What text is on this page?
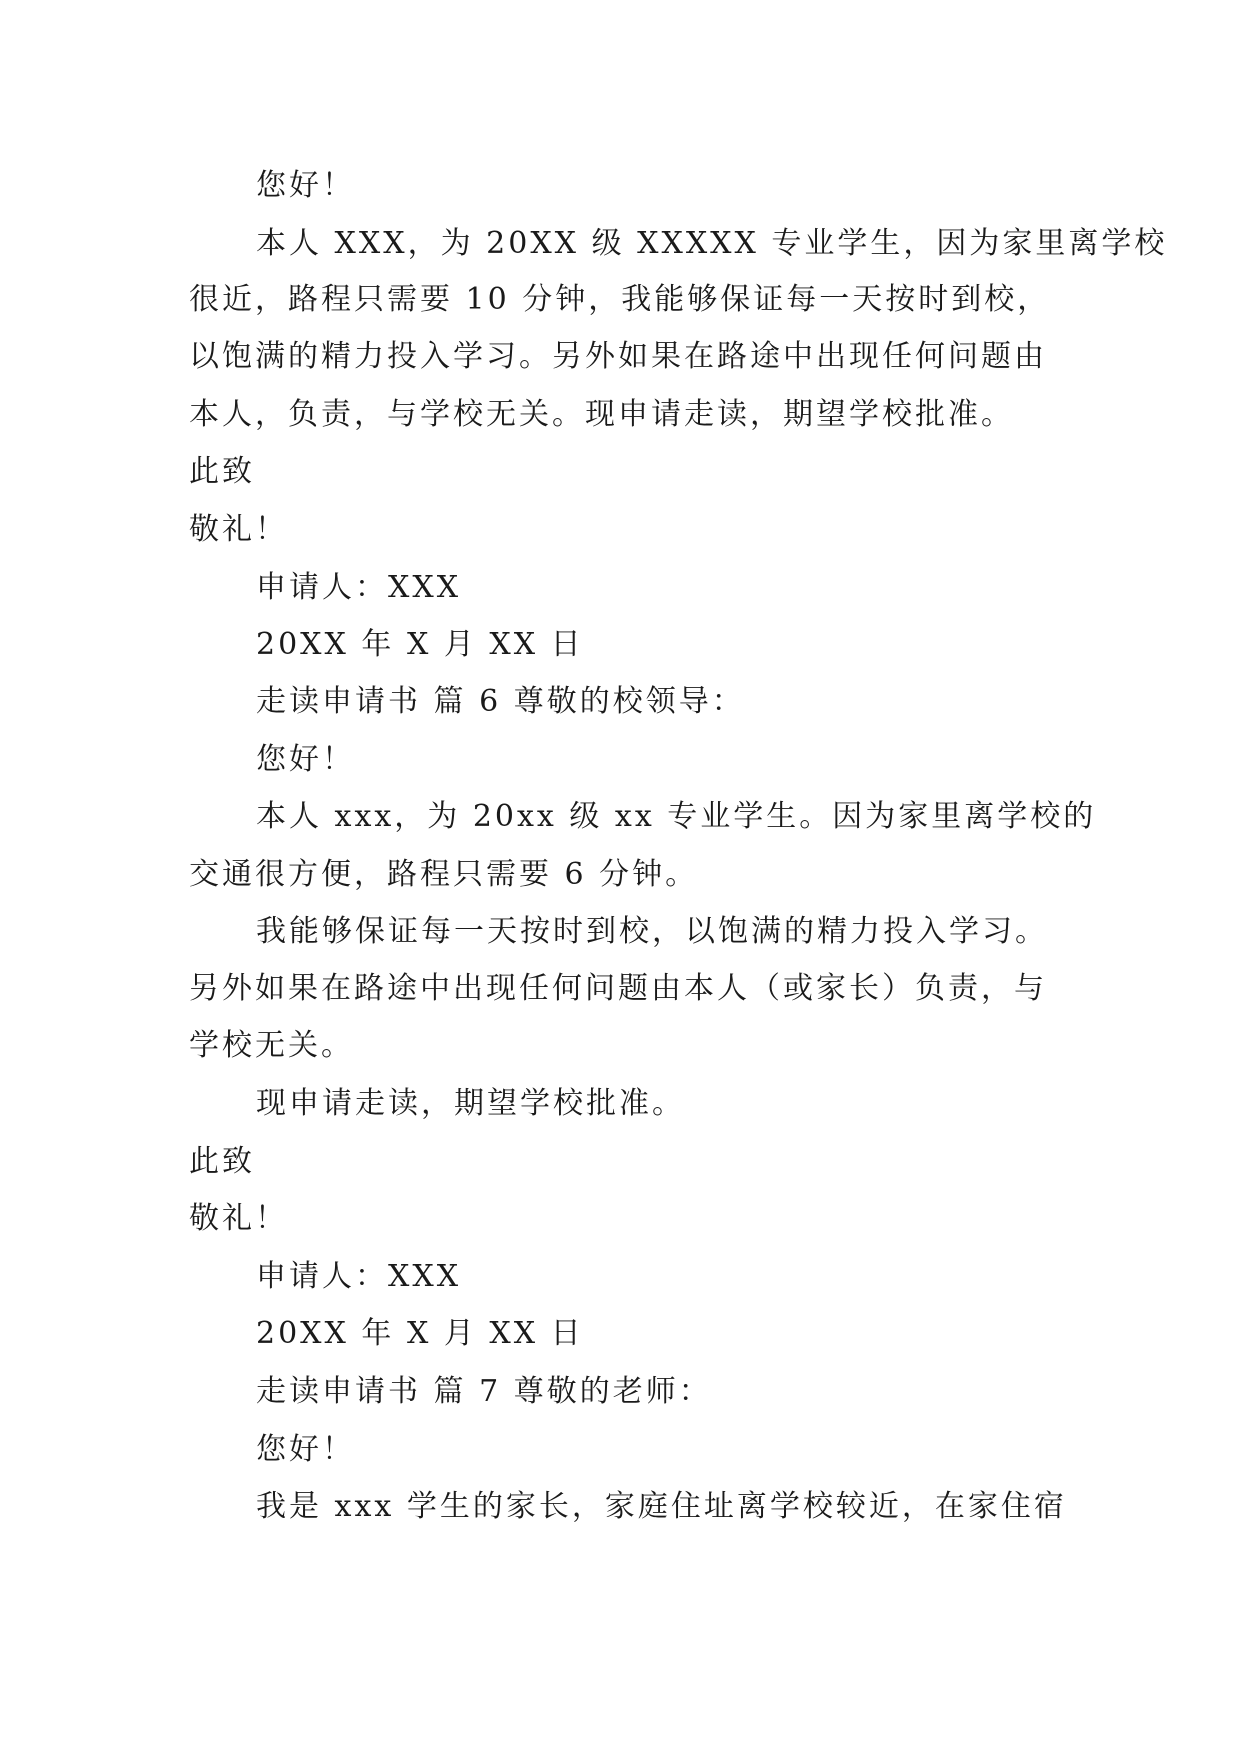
您好！
本人 XXX，为 20XX 级 XXXXX 专业学生，因为家里离学校
很近，路程只需要 10 分钟，我能够保证每一天按时到校，
以饱满的精力投入学习。另外如果在路途中出现任何问题由
本人，负责，与学校无关。现申请走读，期望学校批准。
此致
敬礼！
申请人：XXX
20XX 年 X 月 XX 日
走读申请书 篇 6 尊敬的校领导：
您好！
本人 xxx，为 20xx 级 xx 专业学生。因为家里离学校的
交通很方便，路程只需要 6 分钟。
我能够保证每一天按时到校，以饱满的精力投入学习。
另外如果在路途中出现任何问题由本人（或家长）负责，与
学校无关。
现申请走读，期望学校批准。
此致
敬礼！
申请人：XXX
20XX 年 X 月 XX 日
走读申请书 篇 7 尊敬的老师：
您好！
我是 xxx 学生的家长，家庭住址离学校较近，在家住宿
